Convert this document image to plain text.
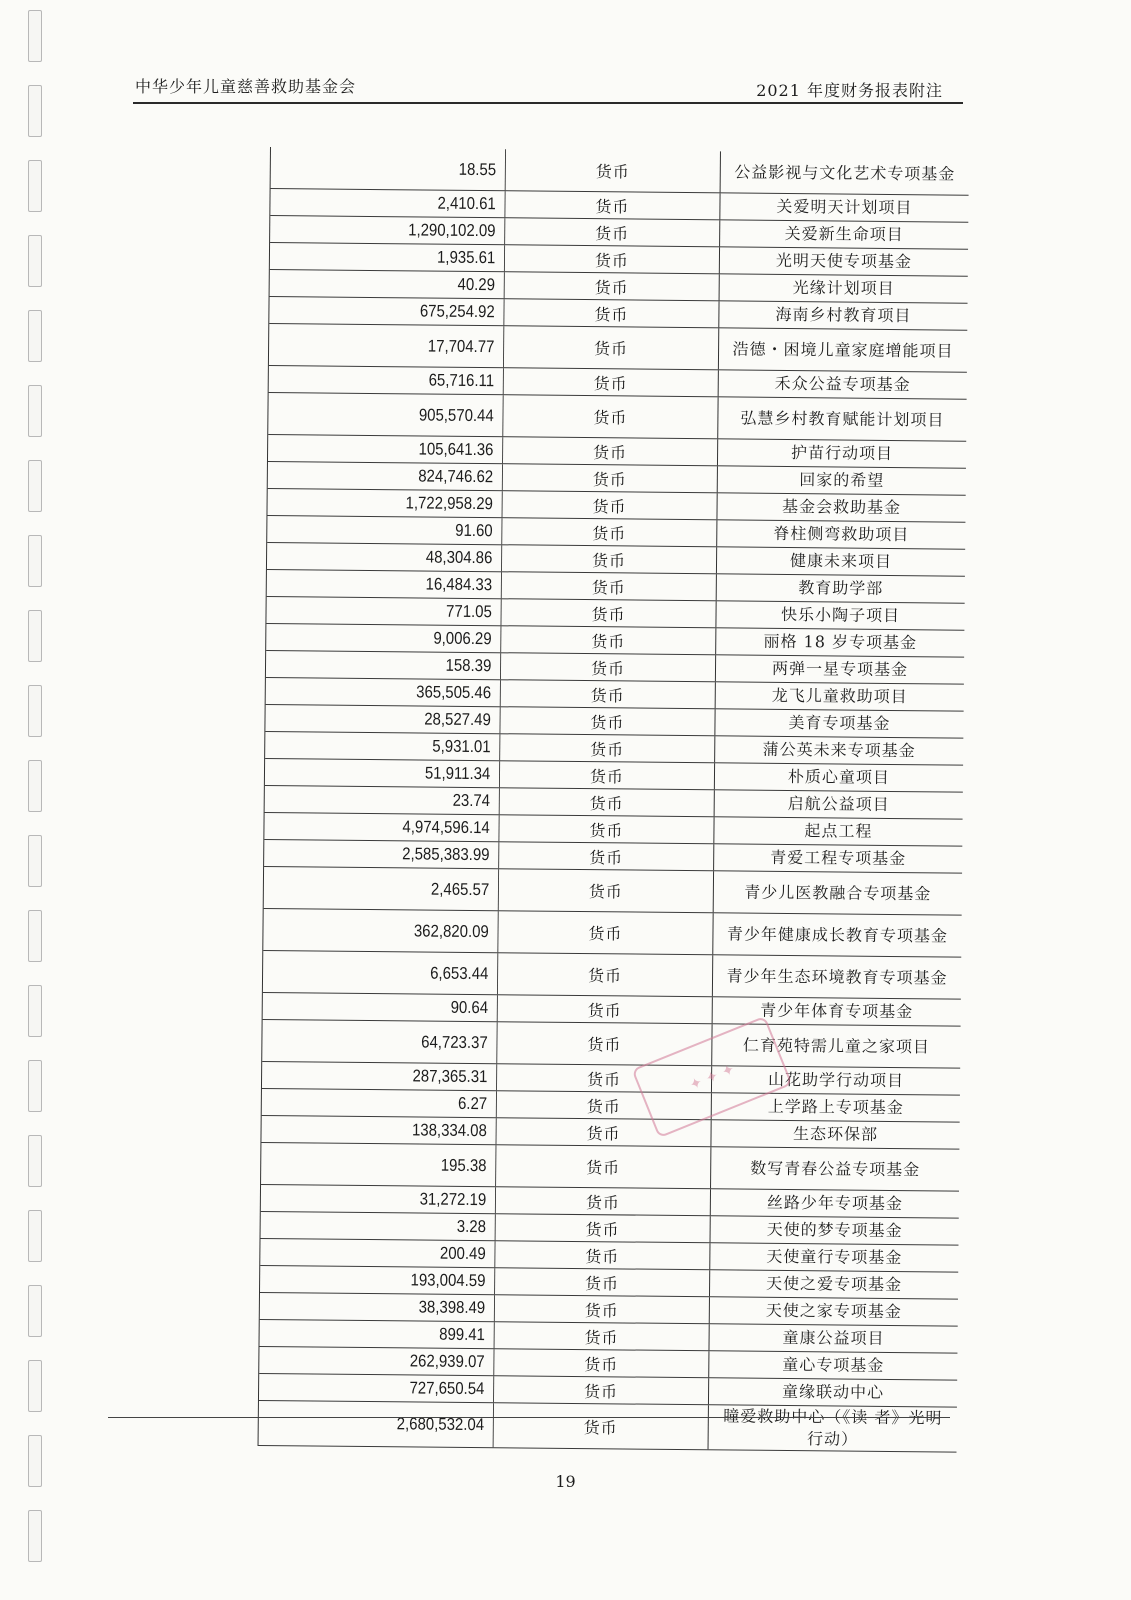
中华少年儿童慈善救助基金会	2021 年度财务报表附注
18.55	货币	公益影视与文化艺术专项基金
2,410.61	货币	关爱明天计划项目
1,290,102.09	货币	关爱新生命项目
1,935.61	货币	光明天使专项基金
40.29	货币	光缘计划项目
675,254.92	货币	海南乡村教育项目
17,704.77	货币	浩德・困境儿童家庭增能项目
65,716.11	货币	禾众公益专项基金
905,570.44	货币	弘慧乡村教育赋能计划项目
105,641.36	货币	护苗行动项目
824,746.62	货币	回家的希望
1,722,958.29	货币	基金会救助基金
91.60	货币	脊柱侧弯救助项目
48,304.86	货币	健康未来项目
16,484.33	货币	教育助学部
771.05	货币	快乐小陶子项目
9,006.29	货币	丽格 18 岁专项基金
158.39	货币	两弹一星专项基金
365,505.46	货币	龙飞儿童救助项目
28,527.49	货币	美育专项基金
5,931.01	货币	蒲公英未来专项基金
51,911.34	货币	朴质心童项目
23.74	货币	启航公益项目
4,974,596.14	货币	起点工程
2,585,383.99	货币	青爱工程专项基金
2,465.57	货币	青少儿医教融合专项基金
362,820.09	货币	青少年健康成长教育专项基金
6,653.44	货币	青少年生态环境教育专项基金
90.64	货币	青少年体育专项基金
64,723.37	货币	仁育苑特需儿童之家项目
287,365.31	货币	山花助学行动项目
6.27	货币	上学路上专项基金
138,334.08	货币	生态环保部
195.38	货币	数写青春公益专项基金
31,272.19	货币	丝路少年专项基金
3.28	货币	天使的梦专项基金
200.49	货币	天使童行专项基金
193,004.59	货币	天使之爱专项基金
38,398.49	货币	天使之家专项基金
899.41	货币	童康公益项目
262,939.07	货币	童心专项基金
727,650.54	货币	童缘联动中心
2,680,532.04	货币	瞳爱救助中心（《读 者》光明行动）
✦ ✦ ✦
19
